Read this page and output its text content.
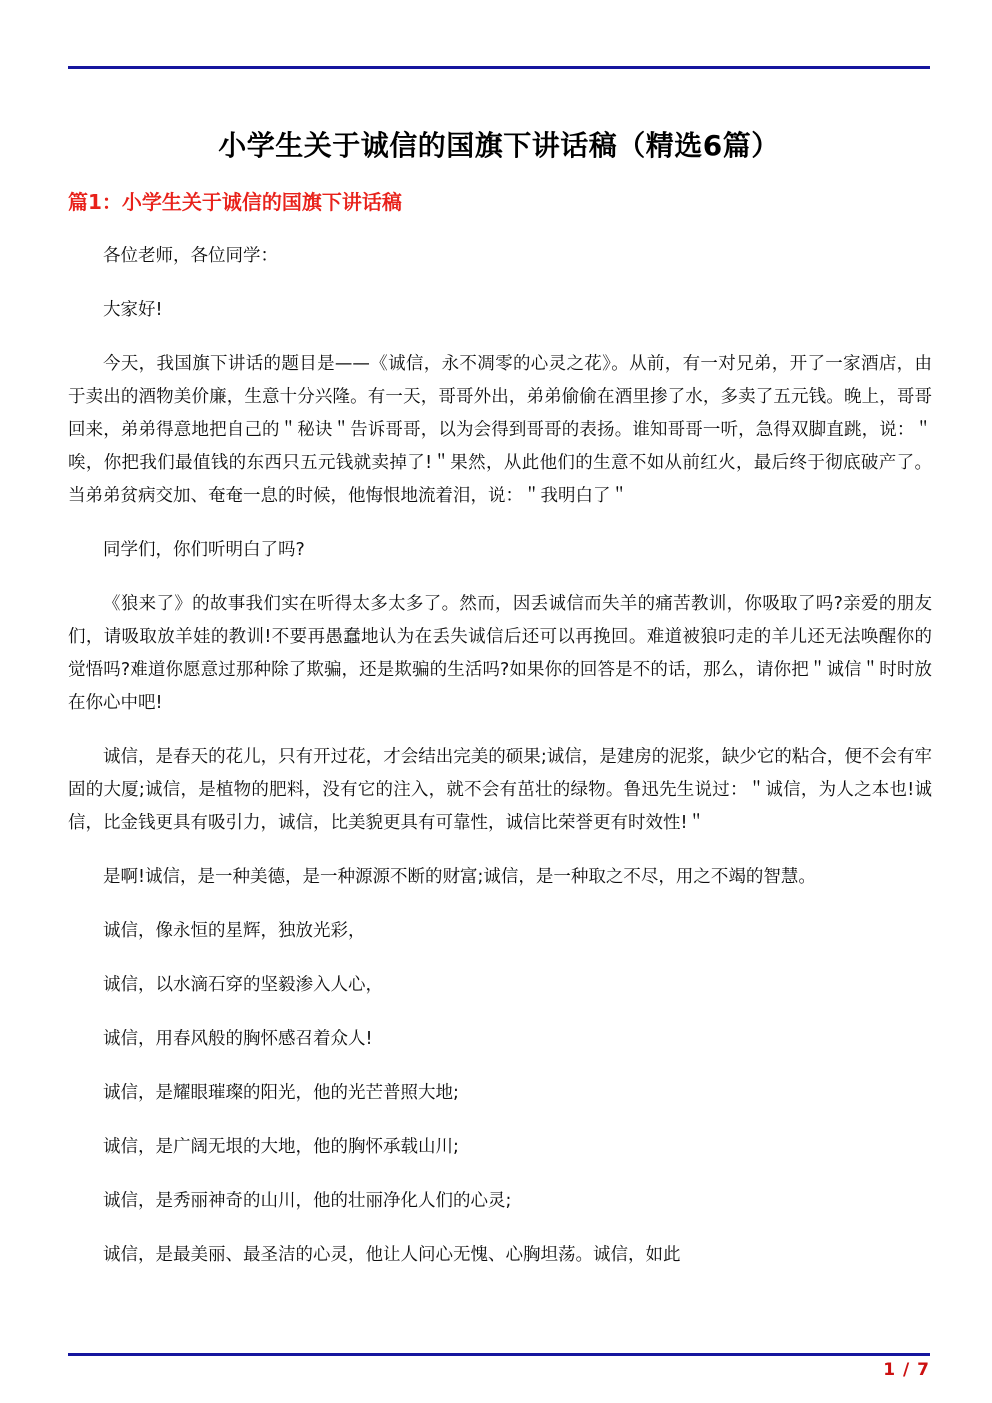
小学生关于诚信的国旗下讲话稿（精选6篇）
篇1：小学生关于诚信的国旗下讲话稿

各位老师，各位同学：

大家好!

今天，我国旗下讲话的题目是——《诚信，永不凋零的心灵之花》。从前，有一对兄弟，开了一家酒店，由于卖出的酒物美价廉，生意十分兴隆。有一天，哥哥外出，弟弟偷偷在酒里掺了水，多卖了五元钱。晚上，哥哥回来，弟弟得意地把自己的＂秘诀＂告诉哥哥，以为会得到哥哥的表扬。谁知哥哥一听，急得双脚直跳，说：＂唉，你把我们最值钱的东西只五元钱就卖掉了!＂果然，从此他们的生意不如从前红火，最后终于彻底破产了。当弟弟贫病交加、奄奄一息的时候，他悔恨地流着泪，说：＂我明白了＂

同学们，你们听明白了吗?

《狼来了》的故事我们实在听得太多太多了。然而，因丢诚信而失羊的痛苦教训，你吸取了吗?亲爱的朋友们，请吸取放羊娃的教训!不要再愚蠢地认为在丢失诚信后还可以再挽回。难道被狼叼走的羊儿还无法唤醒你的觉悟吗?难道你愿意过那种除了欺骗，还是欺骗的生活吗?如果你的回答是不的话，那么，请你把＂诚信＂时时放在你心中吧!

诚信，是春天的花儿，只有开过花，才会结出完美的硕果;诚信，是建房的泥浆，缺少它的粘合，便不会有牢固的大厦;诚信，是植物的肥料，没有它的注入，就不会有茁壮的绿物。鲁迅先生说过：＂诚信，为人之本也!诚信，比金钱更具有吸引力，诚信，比美貌更具有可靠性，诚信比荣誉更有时效性!＂

是啊!诚信，是一种美德，是一种源源不断的财富;诚信，是一种取之不尽，用之不竭的智慧。

诚信，像永恒的星辉，独放光彩，

诚信，以水滴石穿的坚毅渗入人心，

诚信，用春风般的胸怀感召着众人!

诚信，是耀眼璀璨的阳光，他的光芒普照大地;

诚信，是广阔无垠的大地，他的胸怀承载山川;

诚信，是秀丽神奇的山川，他的壮丽净化人们的心灵;

诚信，是最美丽、最圣洁的心灵，他让人问心无愧、心胸坦荡。诚信，如此

1 / 7
